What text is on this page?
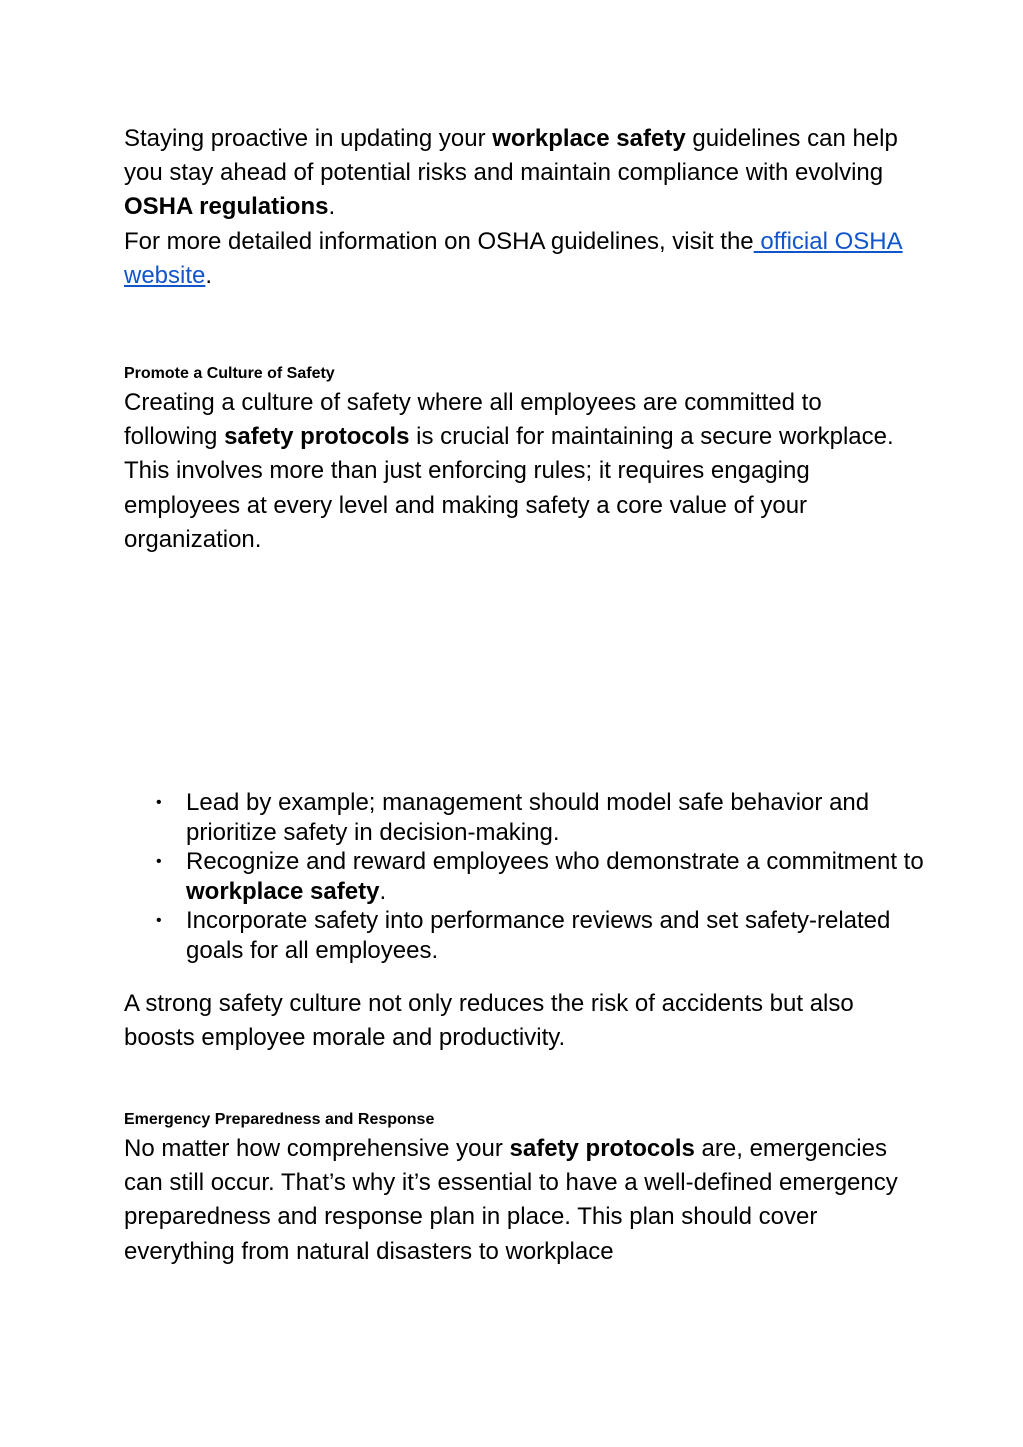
Staying proactive in updating your workplace safety guidelines can help you stay ahead of potential risks and maintain compliance with evolving OSHA regulations.
For more detailed information on OSHA guidelines, visit the official OSHA website.

Promote a Culture of Safety

Creating a culture of safety where all employees are committed to following safety protocols is crucial for maintaining a secure workplace. This involves more than just enforcing rules; it requires engaging employees at every level and making safety a core value of your organization.

• Lead by example; management should model safe behavior and prioritize safety in decision-making.
• Recognize and reward employees who demonstrate a commitment to workplace safety.
• Incorporate safety into performance reviews and set safety-related goals for all employees.

A strong safety culture not only reduces the risk of accidents but also boosts employee morale and productivity.

Emergency Preparedness and Response

No matter how comprehensive your safety protocols are, emergencies can still occur. That’s why it’s essential to have a well-defined emergency preparedness and response plan in place. This plan should cover everything from natural disasters to workplace
